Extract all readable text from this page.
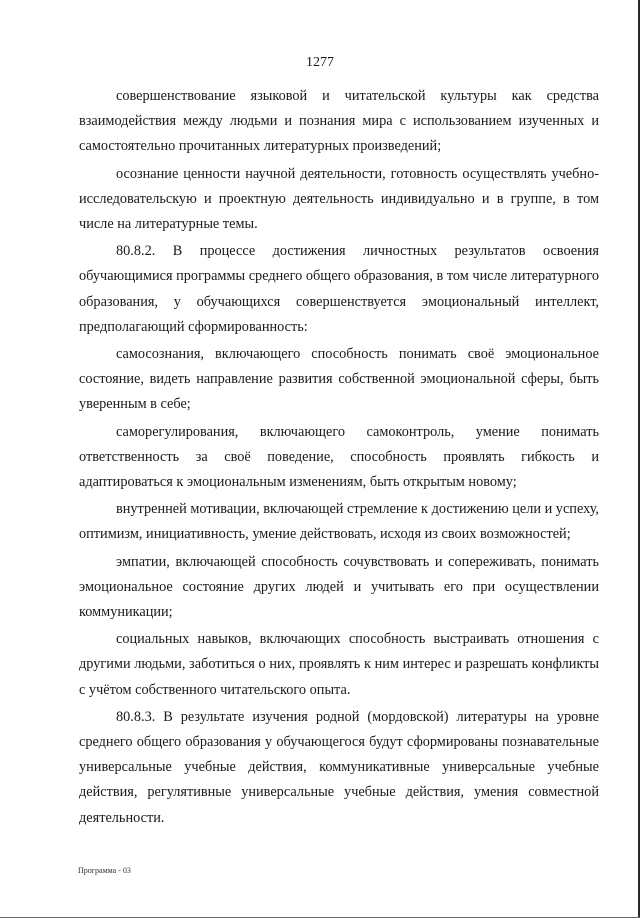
1277

совершенствование языковой и читательской культуры как средства взаимодействия между людьми и познания мира с использованием изученных и самостоятельно прочитанных литературных произведений;

осознание ценности научной деятельности, готовность осуществлять учебно-исследовательскую и проектную деятельность индивидуально и в группе, в том числе на литературные темы.

80.8.2. В процессе достижения личностных результатов освоения обучающимися программы среднего общего образования, в том числе литературного образования, у обучающихся совершенствуется эмоциональный интеллект, предполагающий сформированность:

самосознания, включающего способность понимать своё эмоциональное состояние, видеть направление развития собственной эмоциональной сферы, быть уверенным в себе;

саморегулирования, включающего самоконтроль, умение понимать ответственность за своё поведение, способность проявлять гибкость и адаптироваться к эмоциональным изменениям, быть открытым новому;

внутренней мотивации, включающей стремление к достижению цели и успеху, оптимизм, инициативность, умение действовать, исходя из своих возможностей;

эмпатии, включающей способность сочувствовать и сопереживать, понимать эмоциональное состояние других людей и учитывать его при осуществлении коммуникации;

социальных навыков, включающих способность выстраивать отношения с другими людьми, заботиться о них, проявлять к ним интерес и разрешать конфликты с учётом собственного читательского опыта.

80.8.3. В результате изучения родной (мордовской) литературы на уровне среднего общего образования у обучающегося будут сформированы познавательные универсальные учебные действия, коммуникативные универсальные учебные действия, регулятивные универсальные учебные действия, умения совместной деятельности.

Программа - 03
